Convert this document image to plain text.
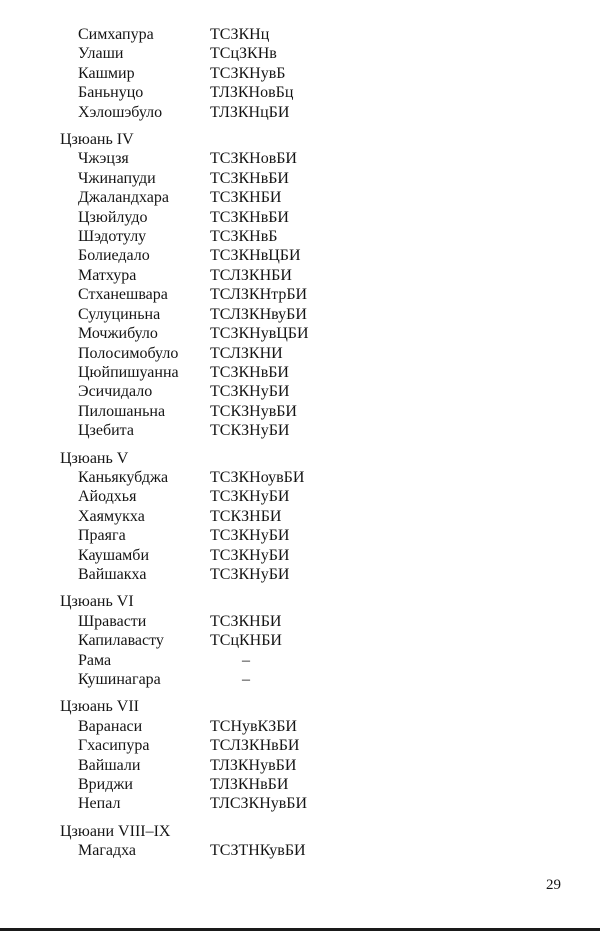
Симхапура	ТСЗКНц
Улаши	ТСцЗКНв
Кашмир	ТСЗКНувБ
Баньнуцо	ТЛЗКНовБц
Хэлошэбуло	ТЛЗКНцБИ
Цзюань IV
Чжэцзя	ТСЗКНовБИ
Чжинапуди	ТСЗКНвБИ
Джаландхара	ТСЗКНБИ
Цзюйлудо	ТСЗКНвБИ
Шэдотулу	ТСЗКНвБ
Болиедало	ТСЗКНвЦБИ
Матхура	ТСЛЗКНБИ
Стханешвара	ТСЛЗКНтрБИ
Сулуциньна	ТСЛЗКНвуБИ
Мочжибуло	ТСЗКНувЦБИ
Полосимобуло	ТСЛЗКНИ
Цюйпишуанна	ТСЗКНвБИ
Эсичидало	ТСЗКНуБИ
Пилошаньна	ТСКЗНувБИ
Цзебита	ТСКЗНуБИ
Цзюань V
Каньякубджа	ТСЗКНоувБИ
Айодхья	ТСЗКНуБИ
Хаямукха	ТСКЗНБИ
Праяга	ТСЗКНуБИ
Каушамби	ТСЗКНуБИ
Вайшакха	ТСЗКНуБИ
Цзюань VI
Шравасти	ТСЗКНБИ
Капилавасту	ТСцКНБИ
Рама	–
Кушинагара	–
Цзюань VII
Варанаси	ТСНувКЗБИ
Гхасипура	ТСЛЗКНвБИ
Вайшали	ТЛЗКНувБИ
Вриджи	ТЛЗКНвБИ
Непал	ТЛСЗКНувБИ
Цзюани VIII–IX
Магадха	ТСЗТНКувБИ
29
